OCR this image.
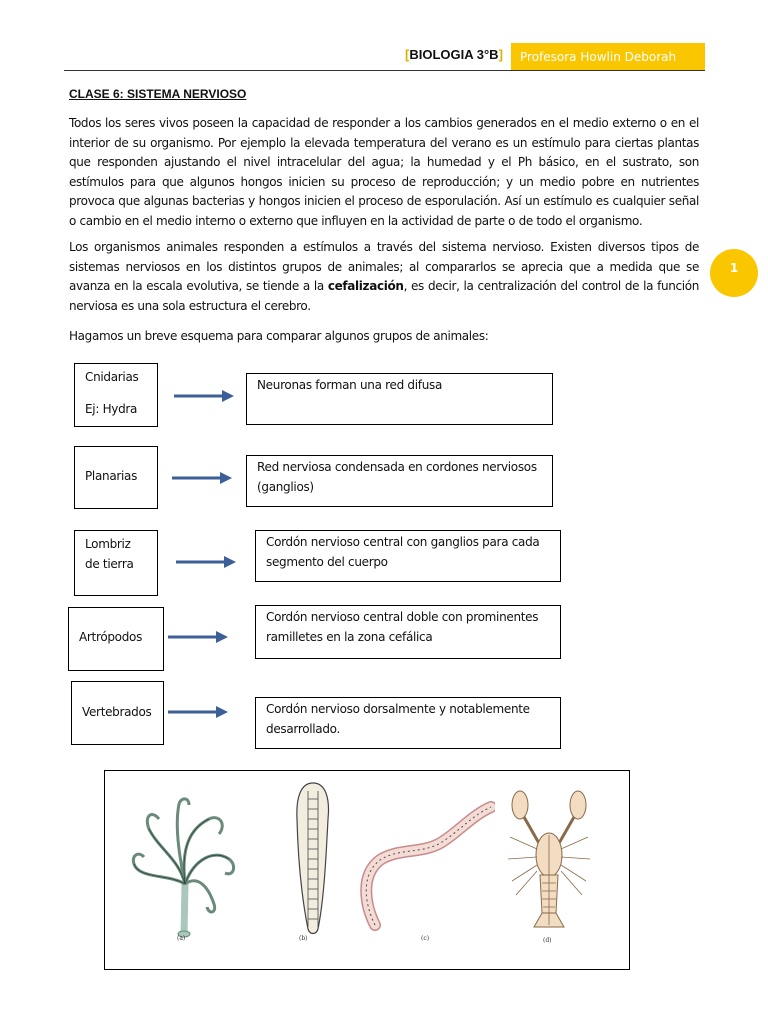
[BIOLOGIA 3°B]	Profesora Howlin Deborah
1
CLASE 6: SISTEMA NERVIOSO

Todos los seres vivos poseen la capacidad de responder a los cambios generados en el medio externo o en el interior de su organismo. Por ejemplo la elevada temperatura del verano es un estímulo para ciertas plantas que responden ajustando el nivel intracelular del agua; la humedad y el Ph básico, en el sustrato, son estímulos para que algunos hongos inicien su proceso de reproducción; y un medio pobre en nutrientes provoca que algunas bacterias y hongos inicien el proceso de esporulación. Así un estímulo es cualquier señal o cambio en el medio interno o externo que influyen en la actividad de parte o de todo el organismo.

Los organismos animales responden a estímulos a través del sistema nervioso. Existen diversos tipos de sistemas nerviosos en los distintos grupos de animales; al compararlos se aprecia que a medida que se avanza en la escala evolutiva, se tiende a la cefalización, es decir, la centralización del control de la función nerviosa es una sola estructura el cerebro.

Hagamos un breve esquema para comparar algunos grupos de animales:

Cnidarias
Ej: Hydra
Neuronas forman una red difusa
Planarias
Red nerviosa condensada en cordones nerviosos (ganglios)
Lombriz de tierra
Cordón nervioso central con ganglios para cada segmento del cuerpo
Artrópodos
Cordón nervioso central doble con prominentes ramilletes en la zona cefálica
Vertebrados	Cordón nervioso dorsalmente y notablemente desarrollado.
(a)	(b)	(c)	(d)
